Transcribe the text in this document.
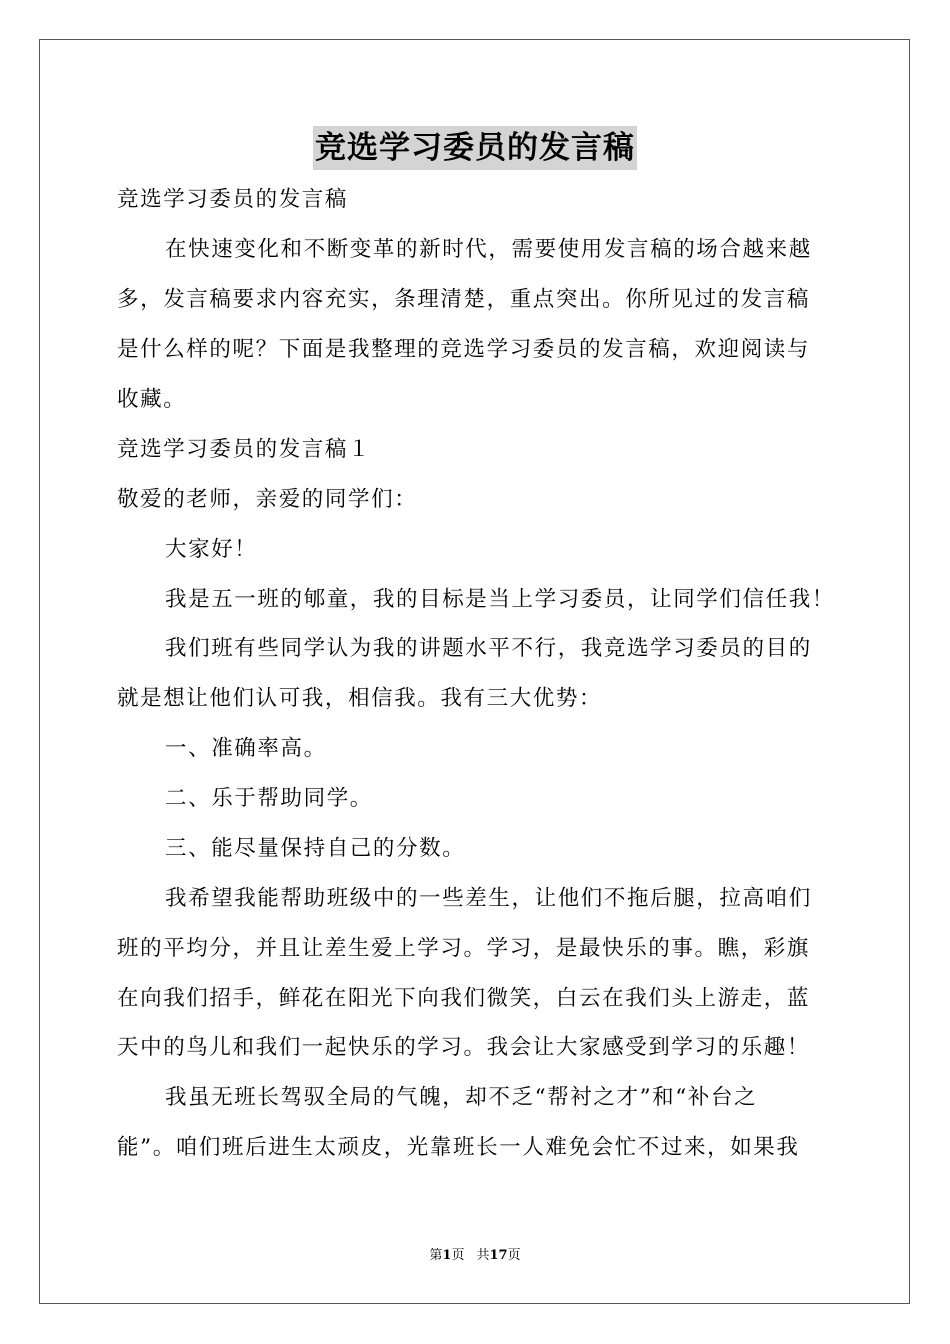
竞选学习委员的发言稿
竞选学习委员的发言稿
在快速变化和不断变革的新时代，需要使用发言稿的场合越来越
多，发言稿要求内容充实，条理清楚，重点突出。你所见过的发言稿
是什么样的呢？下面是我整理的竞选学习委员的发言稿，欢迎阅读与
收藏。
竞选学习委员的发言稿１
敬爱的老师，亲爱的同学们：
大家好！
我是五一班的郇童，我的目标是当上学习委员，让同学们信任我！
我们班有些同学认为我的讲题水平不行，我竞选学习委员的目的
就是想让他们认可我，相信我。我有三大优势：
一、准确率高。
二、乐于帮助同学。
三、能尽量保持自己的分数。
我希望我能帮助班级中的一些差生，让他们不拖后腿，拉高咱们
班的平均分，并且让差生爱上学习。学习，是最快乐的事。瞧，彩旗
在向我们招手，鲜花在阳光下向我们微笑，白云在我们头上游走，蓝
天中的鸟儿和我们一起快乐的学习。我会让大家感受到学习的乐趣！
我虽无班长驾驭全局的气魄，却不乏“帮衬之才”和“补台之
能”。咱们班后进生太顽皮，光靠班长一人难免会忙不过来，如果我
第1页 共17页
